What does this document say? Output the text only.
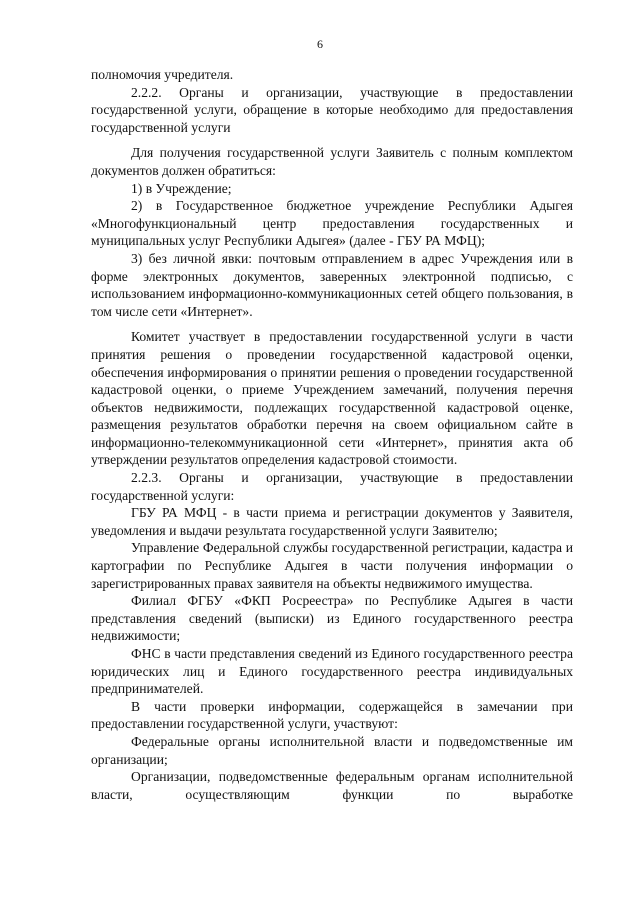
6

полномочия учредителя.

2.2.2. Органы и организации, участвующие в предоставлении государственной услуги, обращение в которые необходимо для предоставления государственной услуги

Для получения государственной услуги Заявитель с полным комплектом документов должен обратиться:

1) в Учреждение;

2) в Государственное бюджетное учреждение Республики Адыгея «Многофункциональный центр предоставления государственных и муниципальных услуг Республики Адыгея» (далее - ГБУ РА МФЦ);

3) без личной явки: почтовым отправлением в адрес Учреждения или в форме электронных документов, заверенных электронной подписью, с использованием информационно-коммуникационных сетей общего пользования, в том числе сети «Интернет».

Комитет участвует в предоставлении государственной услуги в части принятия решения о проведении государственной кадастровой оценки, обеспечения информирования о принятии решения о проведении государственной кадастровой оценки, о приеме Учреждением замечаний, получения перечня объектов недвижимости, подлежащих государственной кадастровой оценке, размещения результатов обработки перечня на своем официальном сайте в информационно-телекоммуникационной сети «Интернет», принятия акта об утверждении результатов определения кадастровой стоимости.

2.2.3. Органы и организации, участвующие в предоставлении государственной услуги:

ГБУ РА МФЦ - в части приема и регистрации документов у Заявителя, уведомления и выдачи результата государственной услуги Заявителю;

Управление Федеральной службы государственной регистрации, кадастра и картографии по Республике Адыгея в части получения информации о зарегистрированных правах заявителя на объекты недвижимого имущества.

Филиал ФГБУ «ФКП Росреестра» по Республике Адыгея в части представления сведений (выписки) из Единого государственного реестра недвижимости;

ФНС в части представления сведений из Единого государственного реестра юридических лиц и Единого государственного реестра индивидуальных предпринимателей.

В части проверки информации, содержащейся в замечании при предоставлении государственной услуги, участвуют:

Федеральные органы исполнительной власти и подведомственные им организации;

Организации, подведомственные федеральным органам исполнительной власти, осуществляющим функции по выработке
